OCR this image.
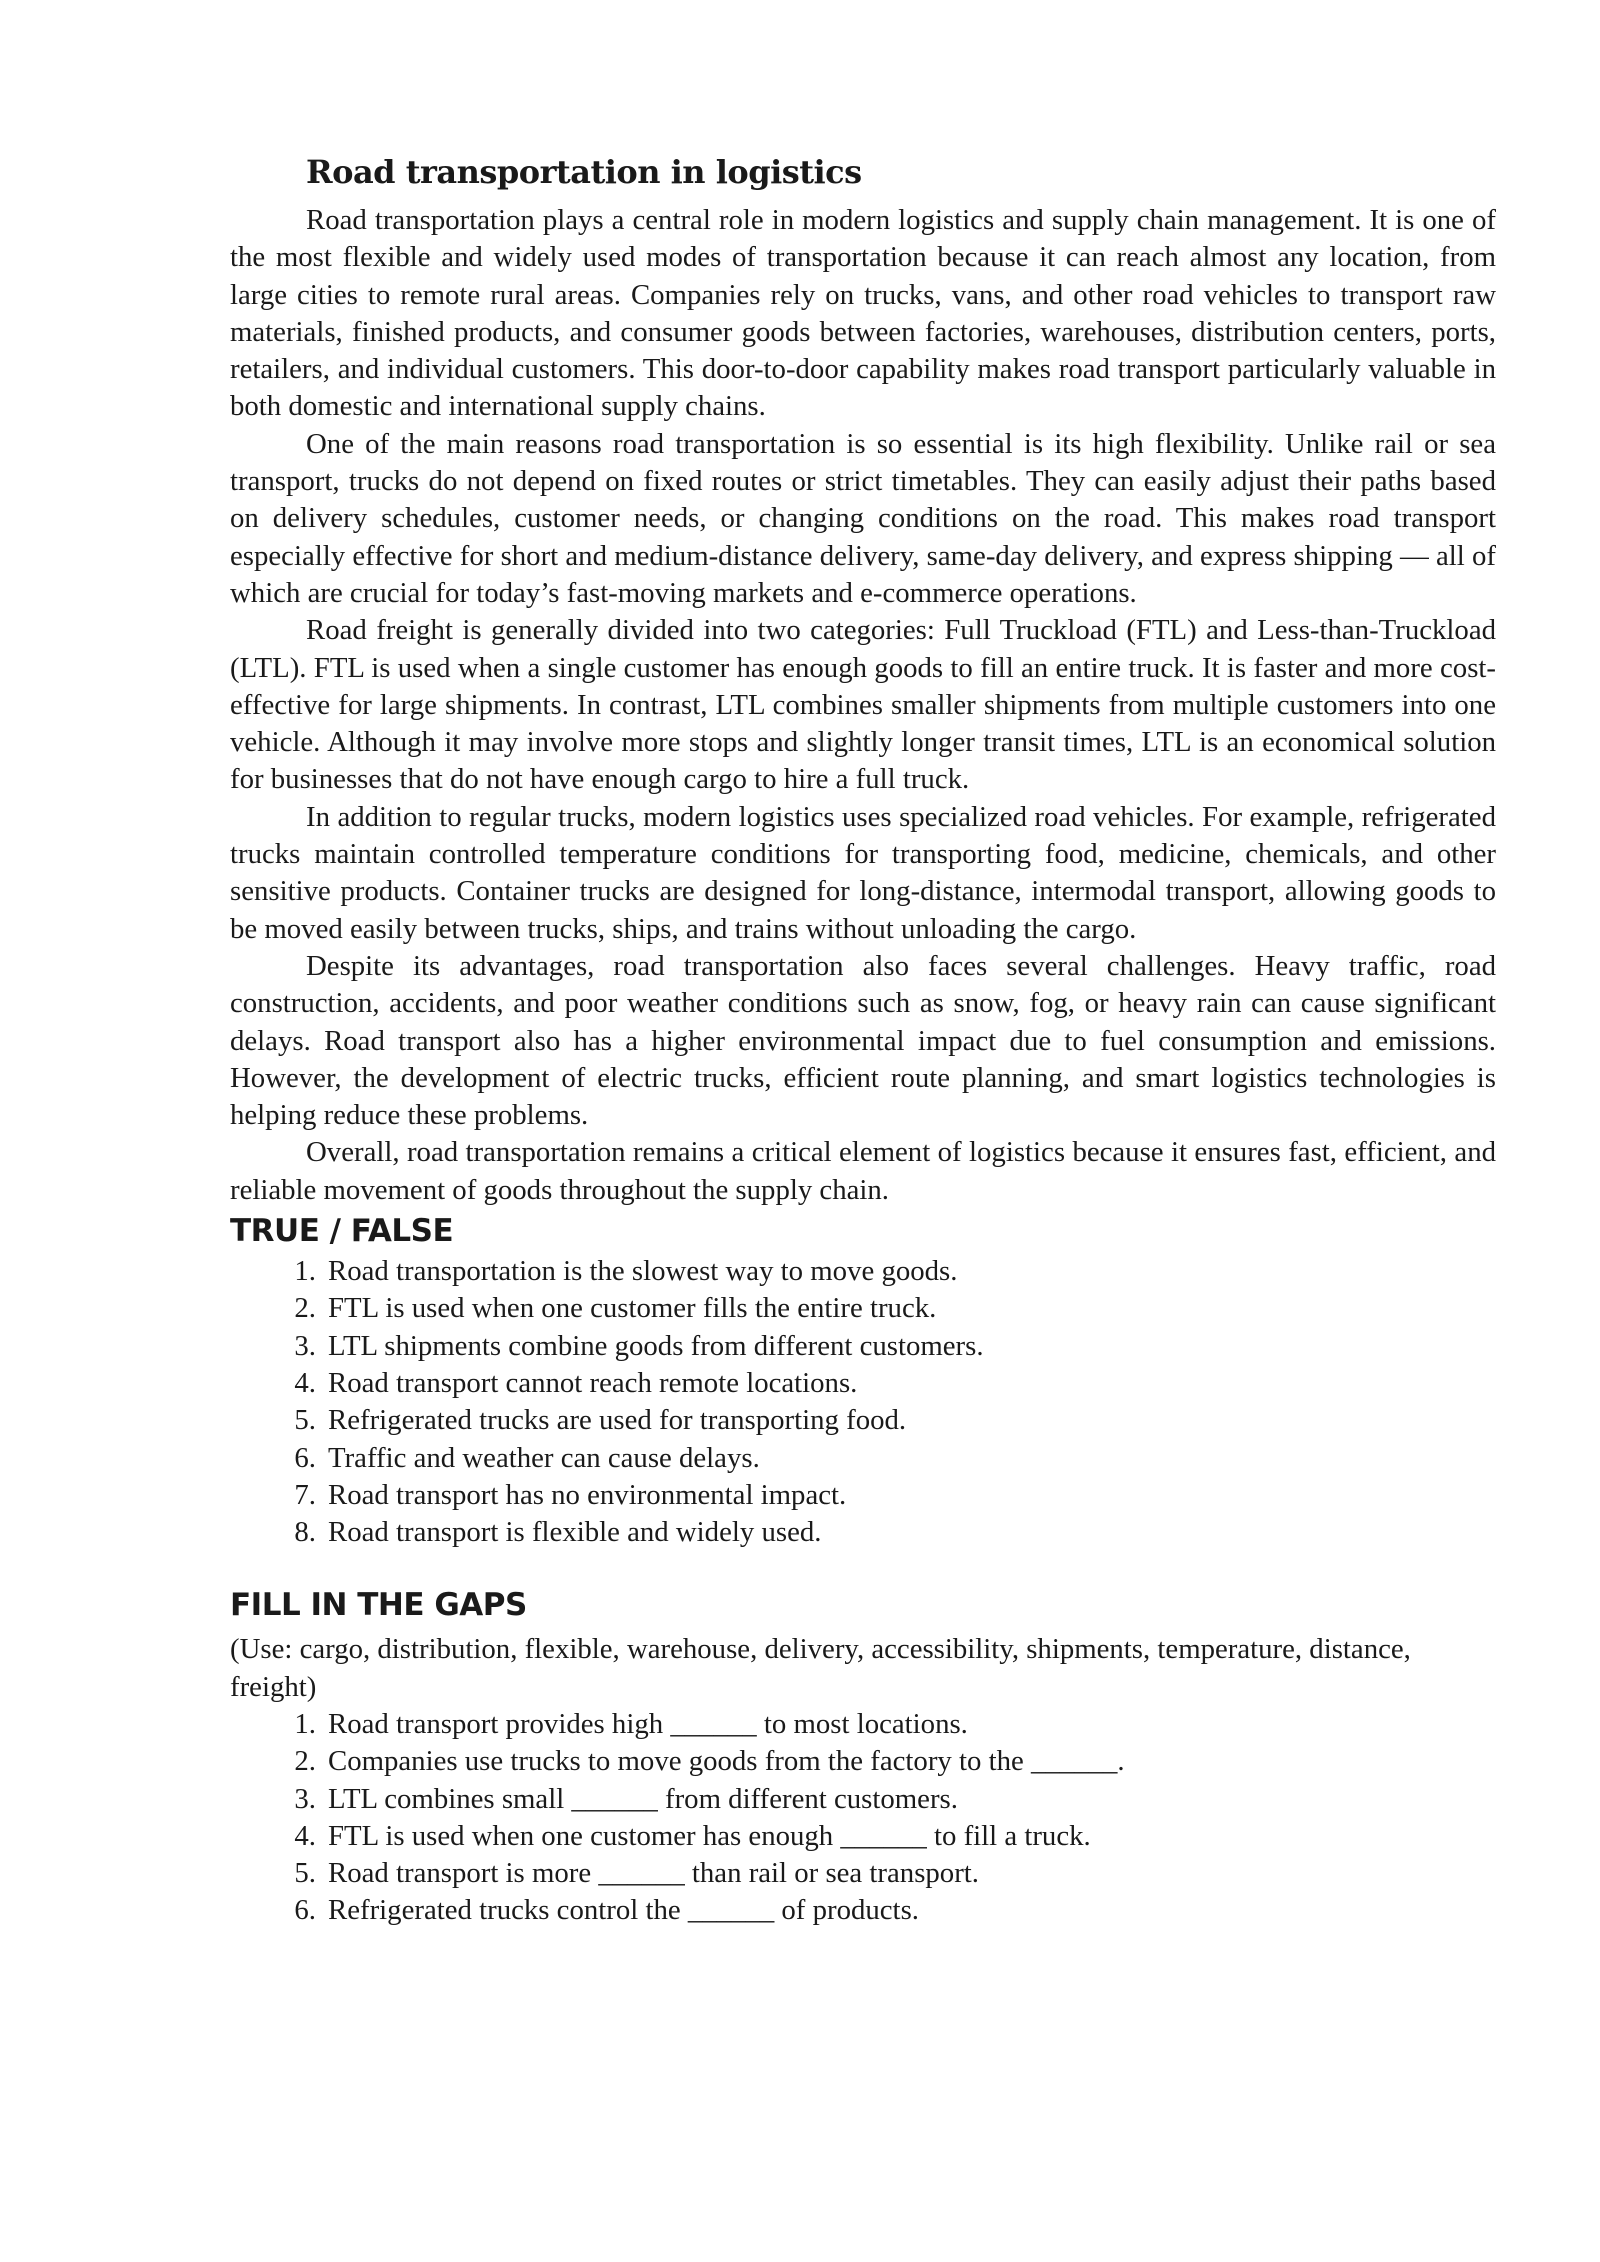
Road transportation in logistics

Road transportation plays a central role in modern logistics and supply chain management. It is one of the most flexible and widely used modes of transportation because it can reach almost any location, from large cities to remote rural areas. Companies rely on trucks, vans, and other road vehicles to transport raw materials, finished products, and consumer goods between factories, warehouses, distribution centers, ports, retailers, and individual customers. This door-to-door capability makes road transport particularly valuable in both domestic and international supply chains.

One of the main reasons road transportation is so essential is its high flexibility. Unlike rail or sea transport, trucks do not depend on fixed routes or strict timetables. They can easily adjust their paths based on delivery schedules, customer needs, or changing conditions on the road. This makes road transport especially effective for short and medium-distance delivery, same-day delivery, and express shipping — all of which are crucial for today’s fast-moving markets and e-commerce operations.

Road freight is generally divided into two categories: Full Truckload (FTL) and Less-than-Truckload (LTL). FTL is used when a single customer has enough goods to fill an entire truck. It is faster and more cost-effective for large shipments. In contrast, LTL combines smaller shipments from multiple customers into one vehicle. Although it may involve more stops and slightly longer transit times, LTL is an economical solution for businesses that do not have enough cargo to hire a full truck.

In addition to regular trucks, modern logistics uses specialized road vehicles. For example, refrigerated trucks maintain controlled temperature conditions for transporting food, medicine, chemicals, and other sensitive products. Container trucks are designed for long-distance, intermodal transport, allowing goods to be moved easily between trucks, ships, and trains without unloading the cargo.

Despite its advantages, road transportation also faces several challenges. Heavy traffic, road construction, accidents, and poor weather conditions such as snow, fog, or heavy rain can cause significant delays. Road transport also has a higher environmental impact due to fuel consumption and emissions. However, the development of electric trucks, efficient route planning, and smart logistics technologies is helping reduce these problems.

Overall, road transportation remains a critical element of logistics because it ensures fast, efficient, and reliable movement of goods throughout the supply chain.

TRUE / FALSE
1. Road transportation is the slowest way to move goods.
2. FTL is used when one customer fills the entire truck.
3. LTL shipments combine goods from different customers.
4. Road transport cannot reach remote locations.
5. Refrigerated trucks are used for transporting food.
6. Traffic and weather can cause delays.
7. Road transport has no environmental impact.
8. Road transport is flexible and widely used.
FILL IN THE GAPS

(Use: cargo, distribution, flexible, warehouse, delivery, accessibility, shipments, temperature, distance, freight)

1. Road transport provides high ______ to most locations.
2. Companies use trucks to move goods from the factory to the ______.
3. LTL combines small ______ from different customers.
4. FTL is used when one customer has enough ______ to fill a truck.
5. Road transport is more ______ than rail or sea transport.
6. Refrigerated trucks control the ______ of products.
